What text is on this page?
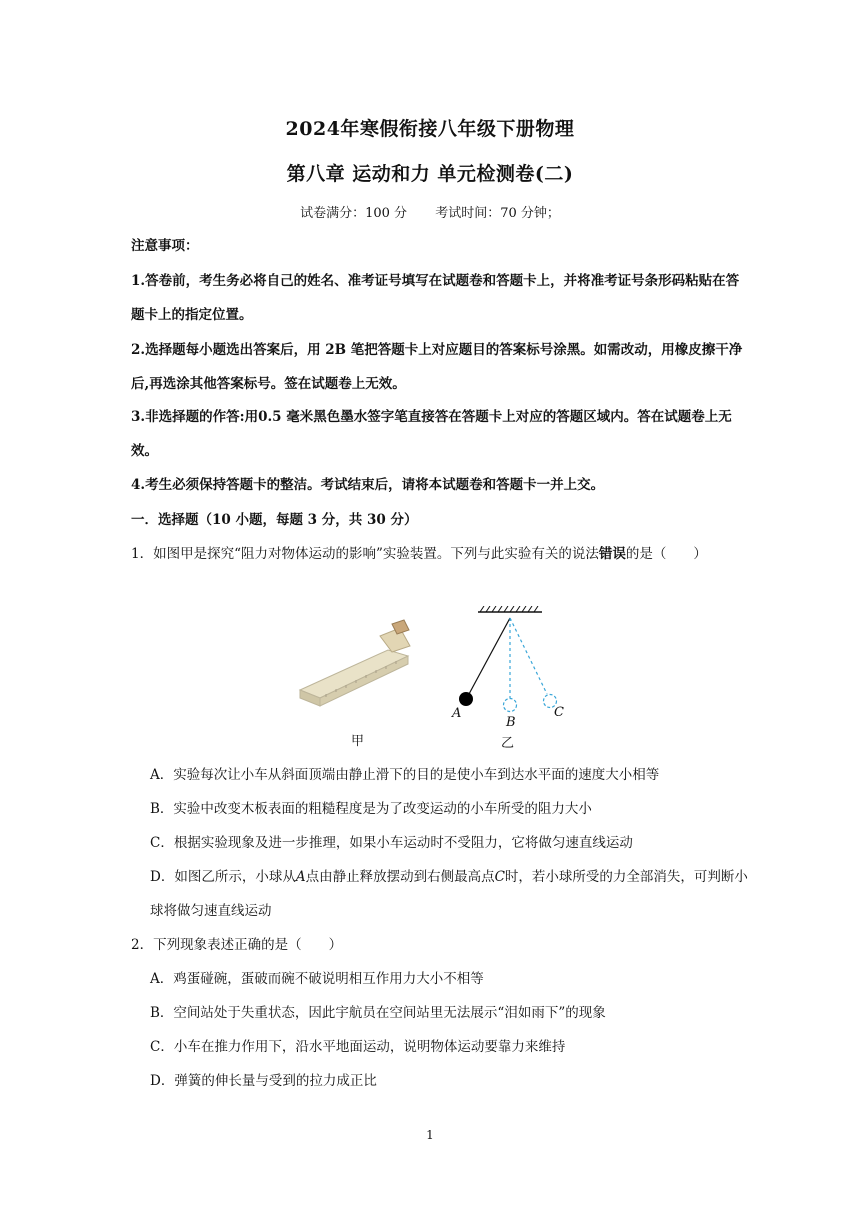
2024年寒假衔接八年级下册物理
第八章 运动和力 单元检测卷(二)
试卷满分：100 分 考试时间：70 分钟；
注意事项：
1.答卷前，考生务必将自己的姓名、准考证号填写在试题卷和答题卡上，并将准考证号条形码粘贴在答题卡上的指定位置。
2.选择题每小题选出答案后，用 2B 笔把答题卡上对应题目的答案标号涂黑。如需改动，用橡皮擦干净后,再选涂其他答案标号。签在试题卷上无效。
3.非选择题的作答:用0.5 毫米黑色墨水签字笔直接答在答题卡上对应的答题区域内。答在试题卷上无效。
4.考生必须保持答题卡的整洁。考试结束后，请将本试题卷和答题卡一并上交。
一．选择题（10 小题，每题 3 分，共 30 分）
1．如图甲是探究“阻力对物体运动的影响”实验装置。下列与此实验有关的说法错误的是（　　）
A
B
C
甲	乙
A．实验每次让小车从斜面顶端由静止滑下的目的是使小车到达水平面的速度大小相等
B．实验中改变木板表面的粗糙程度是为了改变运动的小车所受的阻力大小
C．根据实验现象及进一步推理，如果小车运动时不受阻力，它将做匀速直线运动
D．如图乙所示，小球从A点由静止释放摆动到右侧最高点C时，若小球所受的力全部消失，可判断小球将做匀速直线运动
2．下列现象表述正确的是（　　）
A．鸡蛋碰碗，蛋破而碗不破说明相互作用力大小不相等
B．空间站处于失重状态，因此宇航员在空间站里无法展示“泪如雨下”的现象
C．小车在推力作用下，沿水平地面运动，说明物体运动要靠力来维持
D．弹簧的伸长量与受到的拉力成正比
1
